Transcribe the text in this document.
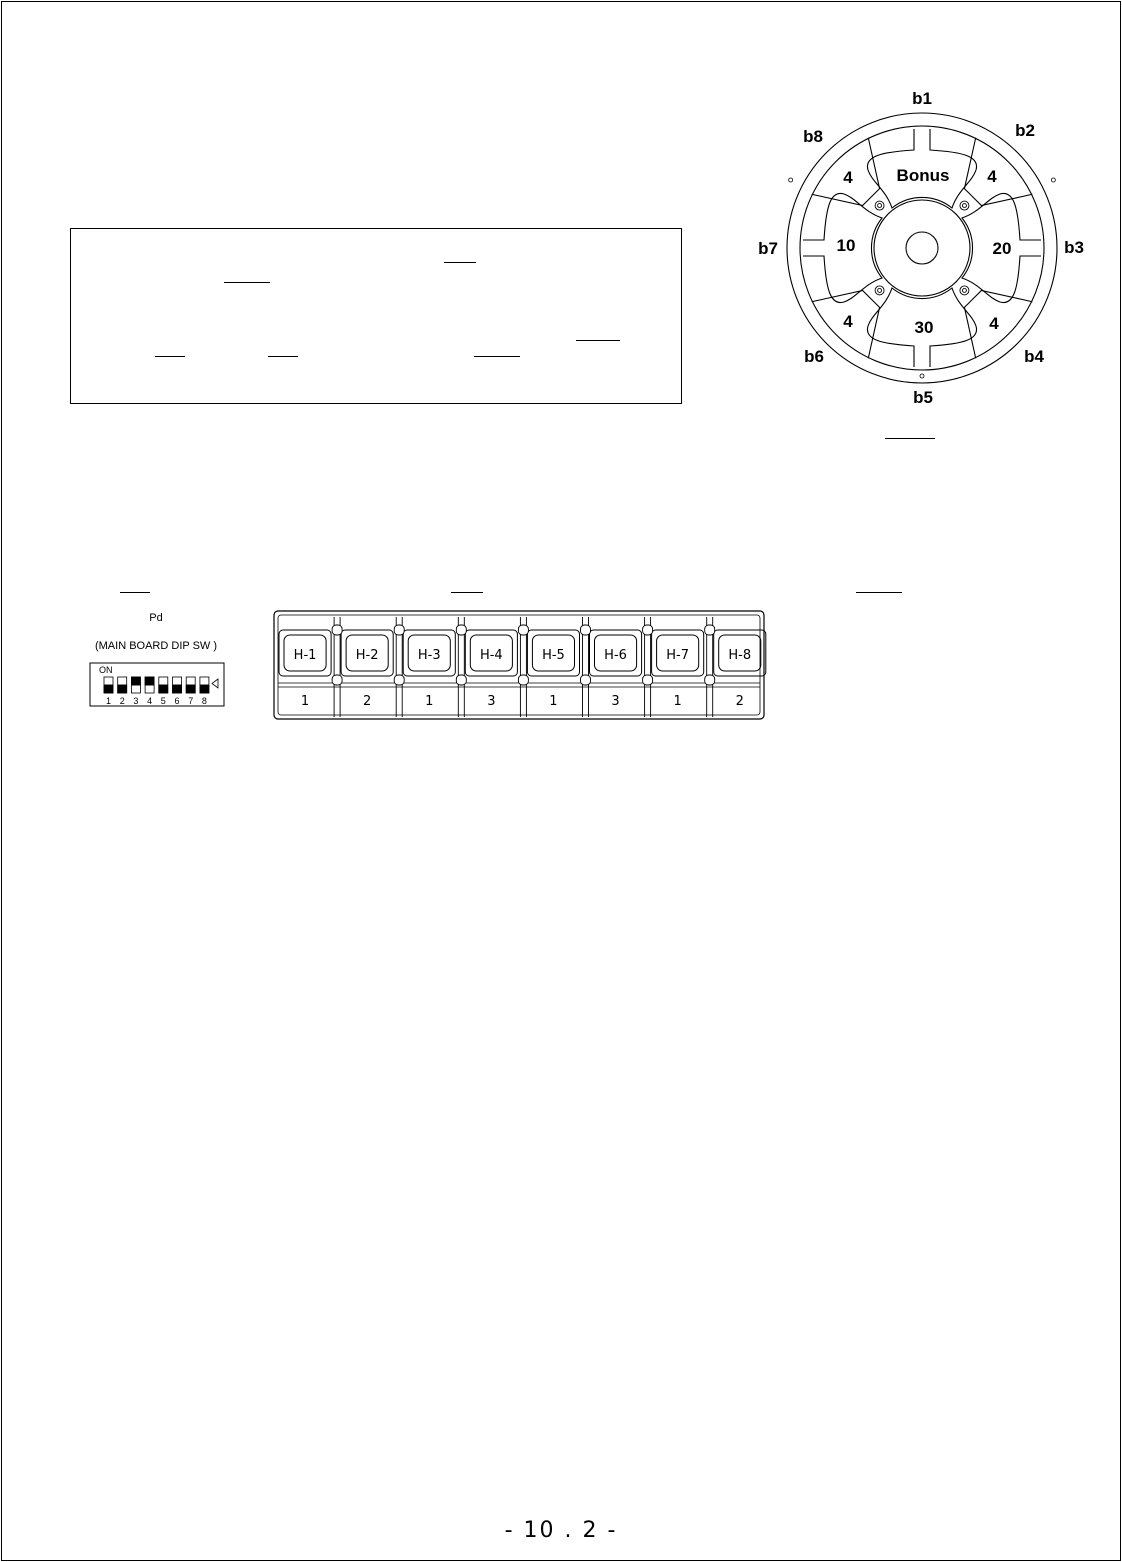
b1
Bonus
b2
4
b3
20
b4
4
b5
30
b6
4
b7	10
b8
4
Pd
(MAIN BOARD DIP SW )
ON
1 2 3 4 5 6 7 8
H-1
1
H-2
2
H-3
1
H-4
3
H-5
1
H-6
3
H-7
1
H-8
2
- 10 . 2 -
